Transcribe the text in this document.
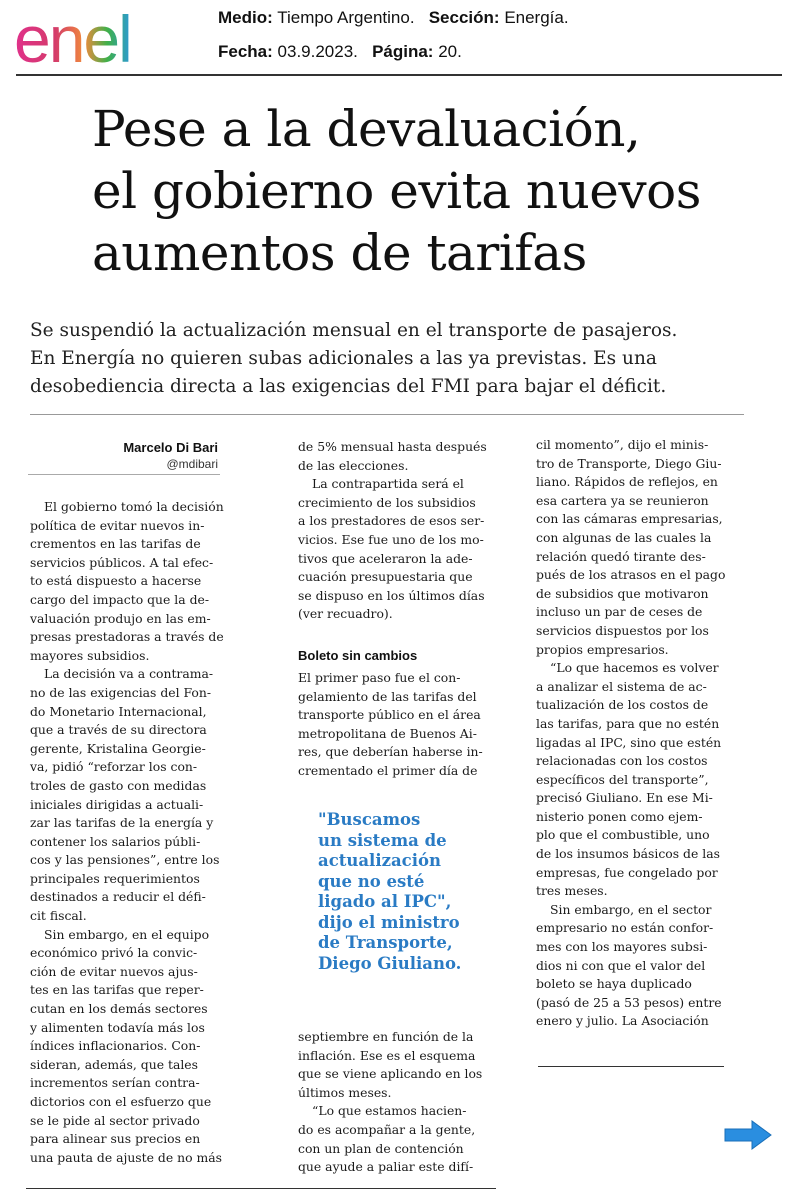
enel	Medio: Tiempo Argentino. Sección: Energía.
Fecha: 03.9.2023. Página: 20.
Pese a la devaluación,
el gobierno evita nuevos
aumentos de tarifas
Se suspendió la actualización mensual en el transporte de pasajeros.
En Energía no quieren subas adicionales a las ya previstas. Es una
desobediencia directa a las exigencias del FMI para bajar el déficit.
Marcelo Di Bari
@mdibari
El gobierno tomó la decisión
política de evitar nuevos in-
crementos en las tarifas de
servicios públicos. A tal efec-
to está dispuesto a hacerse
cargo del impacto que la de-
valuación produjo en las em-
presas prestadoras a través de
mayores subsidios.
La decisión va a contrama-
no de las exigencias del Fon-
do Monetario Internacional,
que a través de su directora
gerente, Kristalina Georgie-
va, pidió “reforzar los con-
troles de gasto con medidas
iniciales dirigidas a actuali-
zar las tarifas de la energía y
contener los salarios públi-
cos y las pensiones”, entre los
principales requerimientos
destinados a reducir el défi-
cit fiscal.
Sin embargo, en el equipo
económico privó la convic-
ción de evitar nuevos ajus-
tes en las tarifas que reper-
cutan en los demás sectores
y alimenten todavía más los
índices inflacionarios. Con-
sideran, además, que tales
incrementos serían contra-
dictorios con el esfuerzo que
se le pide al sector privado
para alinear sus precios en
una pauta de ajuste de no más
de 5% mensual hasta después
de las elecciones.
La contrapartida será el
crecimiento de los subsidios
a los prestadores de esos ser-
vicios. Ese fue uno de los mo-
tivos que aceleraron la ade-
cuación presupuestaria que
se dispuso en los últimos días
(ver recuadro).
Boleto sin cambios
El primer paso fue el con-
gelamiento de las tarifas del
transporte público en el área
metropolitana de Buenos Ai-
res, que deberían haberse in-
crementado el primer día de
"Buscamos
un sistema de
actualización
que no esté
ligado al IPC",
dijo el ministro
de Transporte,
Diego Giuliano.
septiembre en función de la
inflación. Ese es el esquema
que se viene aplicando en los
últimos meses.
“Lo que estamos hacien-
do es acompañar a la gente,
con un plan de contención
que ayude a paliar este difí-
cil momento”, dijo el minis-
tro de Transporte, Diego Giu-
liano. Rápidos de reflejos, en
esa cartera ya se reunieron
con las cámaras empresarias,
con algunas de las cuales la
relación quedó tirante des-
pués de los atrasos en el pago
de subsidios que motivaron
incluso un par de ceses de
servicios dispuestos por los
propios empresarios.
“Lo que hacemos es volver
a analizar el sistema de ac-
tualización de los costos de
las tarifas, para que no estén
ligadas al IPC, sino que estén
relacionadas con los costos
específicos del transporte”,
precisó Giuliano. En ese Mi-
nisterio ponen como ejem-
plo que el combustible, uno
de los insumos básicos de las
empresas, fue congelado por
tres meses.
Sin embargo, en el sector
empresario no están confor-
mes con los mayores subsi-
dios ni con que el valor del
boleto se haya duplicado
(pasó de 25 a 53 pesos) entre
enero y julio. La Asociación
